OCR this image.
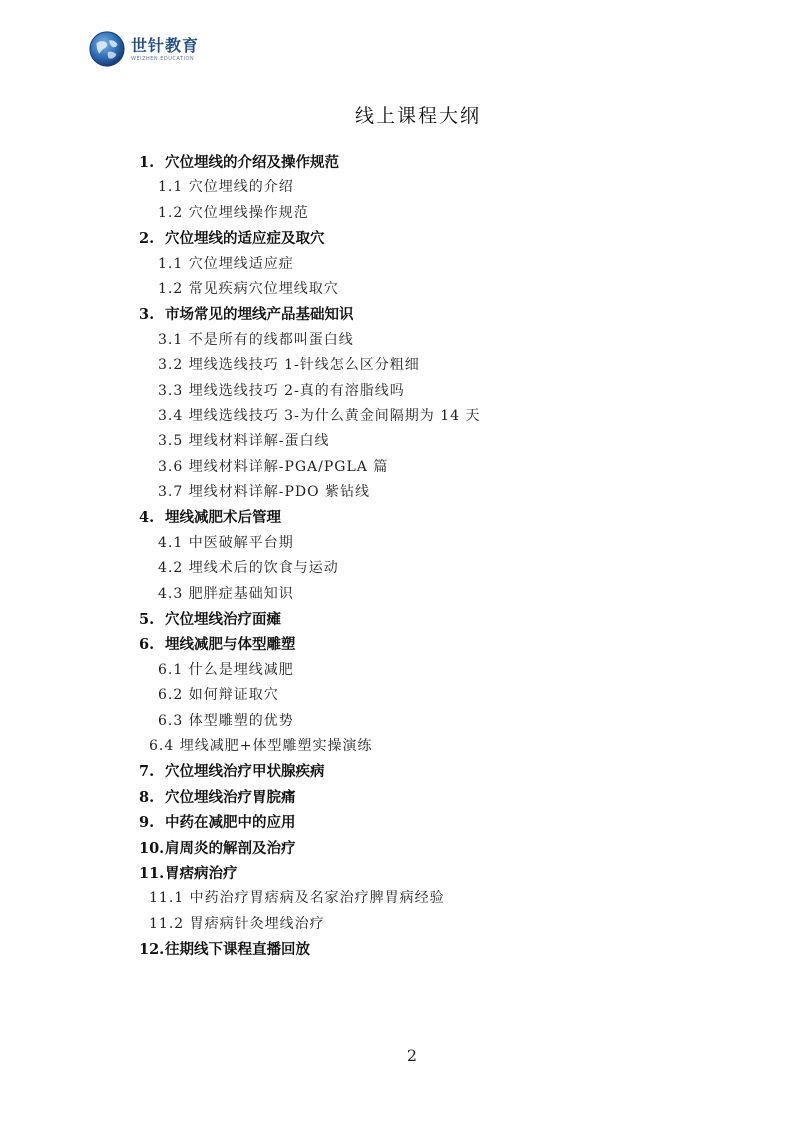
世针教育
WEIZHEN EDUCATION
线上课程大纲
1. 穴位埋线的介绍及操作规范
1.1 穴位埋线的介绍
1.2 穴位埋线操作规范
2. 穴位埋线的适应症及取穴
1.1 穴位埋线适应症
1.2 常见疾病穴位埋线取穴
3. 市场常见的埋线产品基础知识
3.1 不是所有的线都叫蛋白线
3.2 埋线选线技巧 1-针线怎么区分粗细
3.3 埋线选线技巧 2-真的有溶脂线吗
3.4 埋线选线技巧 3-为什么黄金间隔期为 14 天
3.5 埋线材料详解-蛋白线
3.6 埋线材料详解-PGA/PGLA 篇
3.7 埋线材料详解-PDO 紫钻线
4. 埋线减肥术后管理
4.1 中医破解平台期
4.2 埋线术后的饮食与运动
4.3 肥胖症基础知识
5. 穴位埋线治疗面瘫
6. 埋线减肥与体型雕塑
6.1 什么是埋线减肥
6.2 如何辩证取穴
6.3 体型雕塑的优势
6.4 埋线减肥+体型雕塑实操演练
7. 穴位埋线治疗甲状腺疾病
8. 穴位埋线治疗胃脘痛
9. 中药在减肥中的应用
10.肩周炎的解剖及治疗
11.胃痞病治疗
11.1 中药治疗胃痞病及名家治疗脾胃病经验
11.2 胃痞病针灸埋线治疗
12.往期线下课程直播回放
2
